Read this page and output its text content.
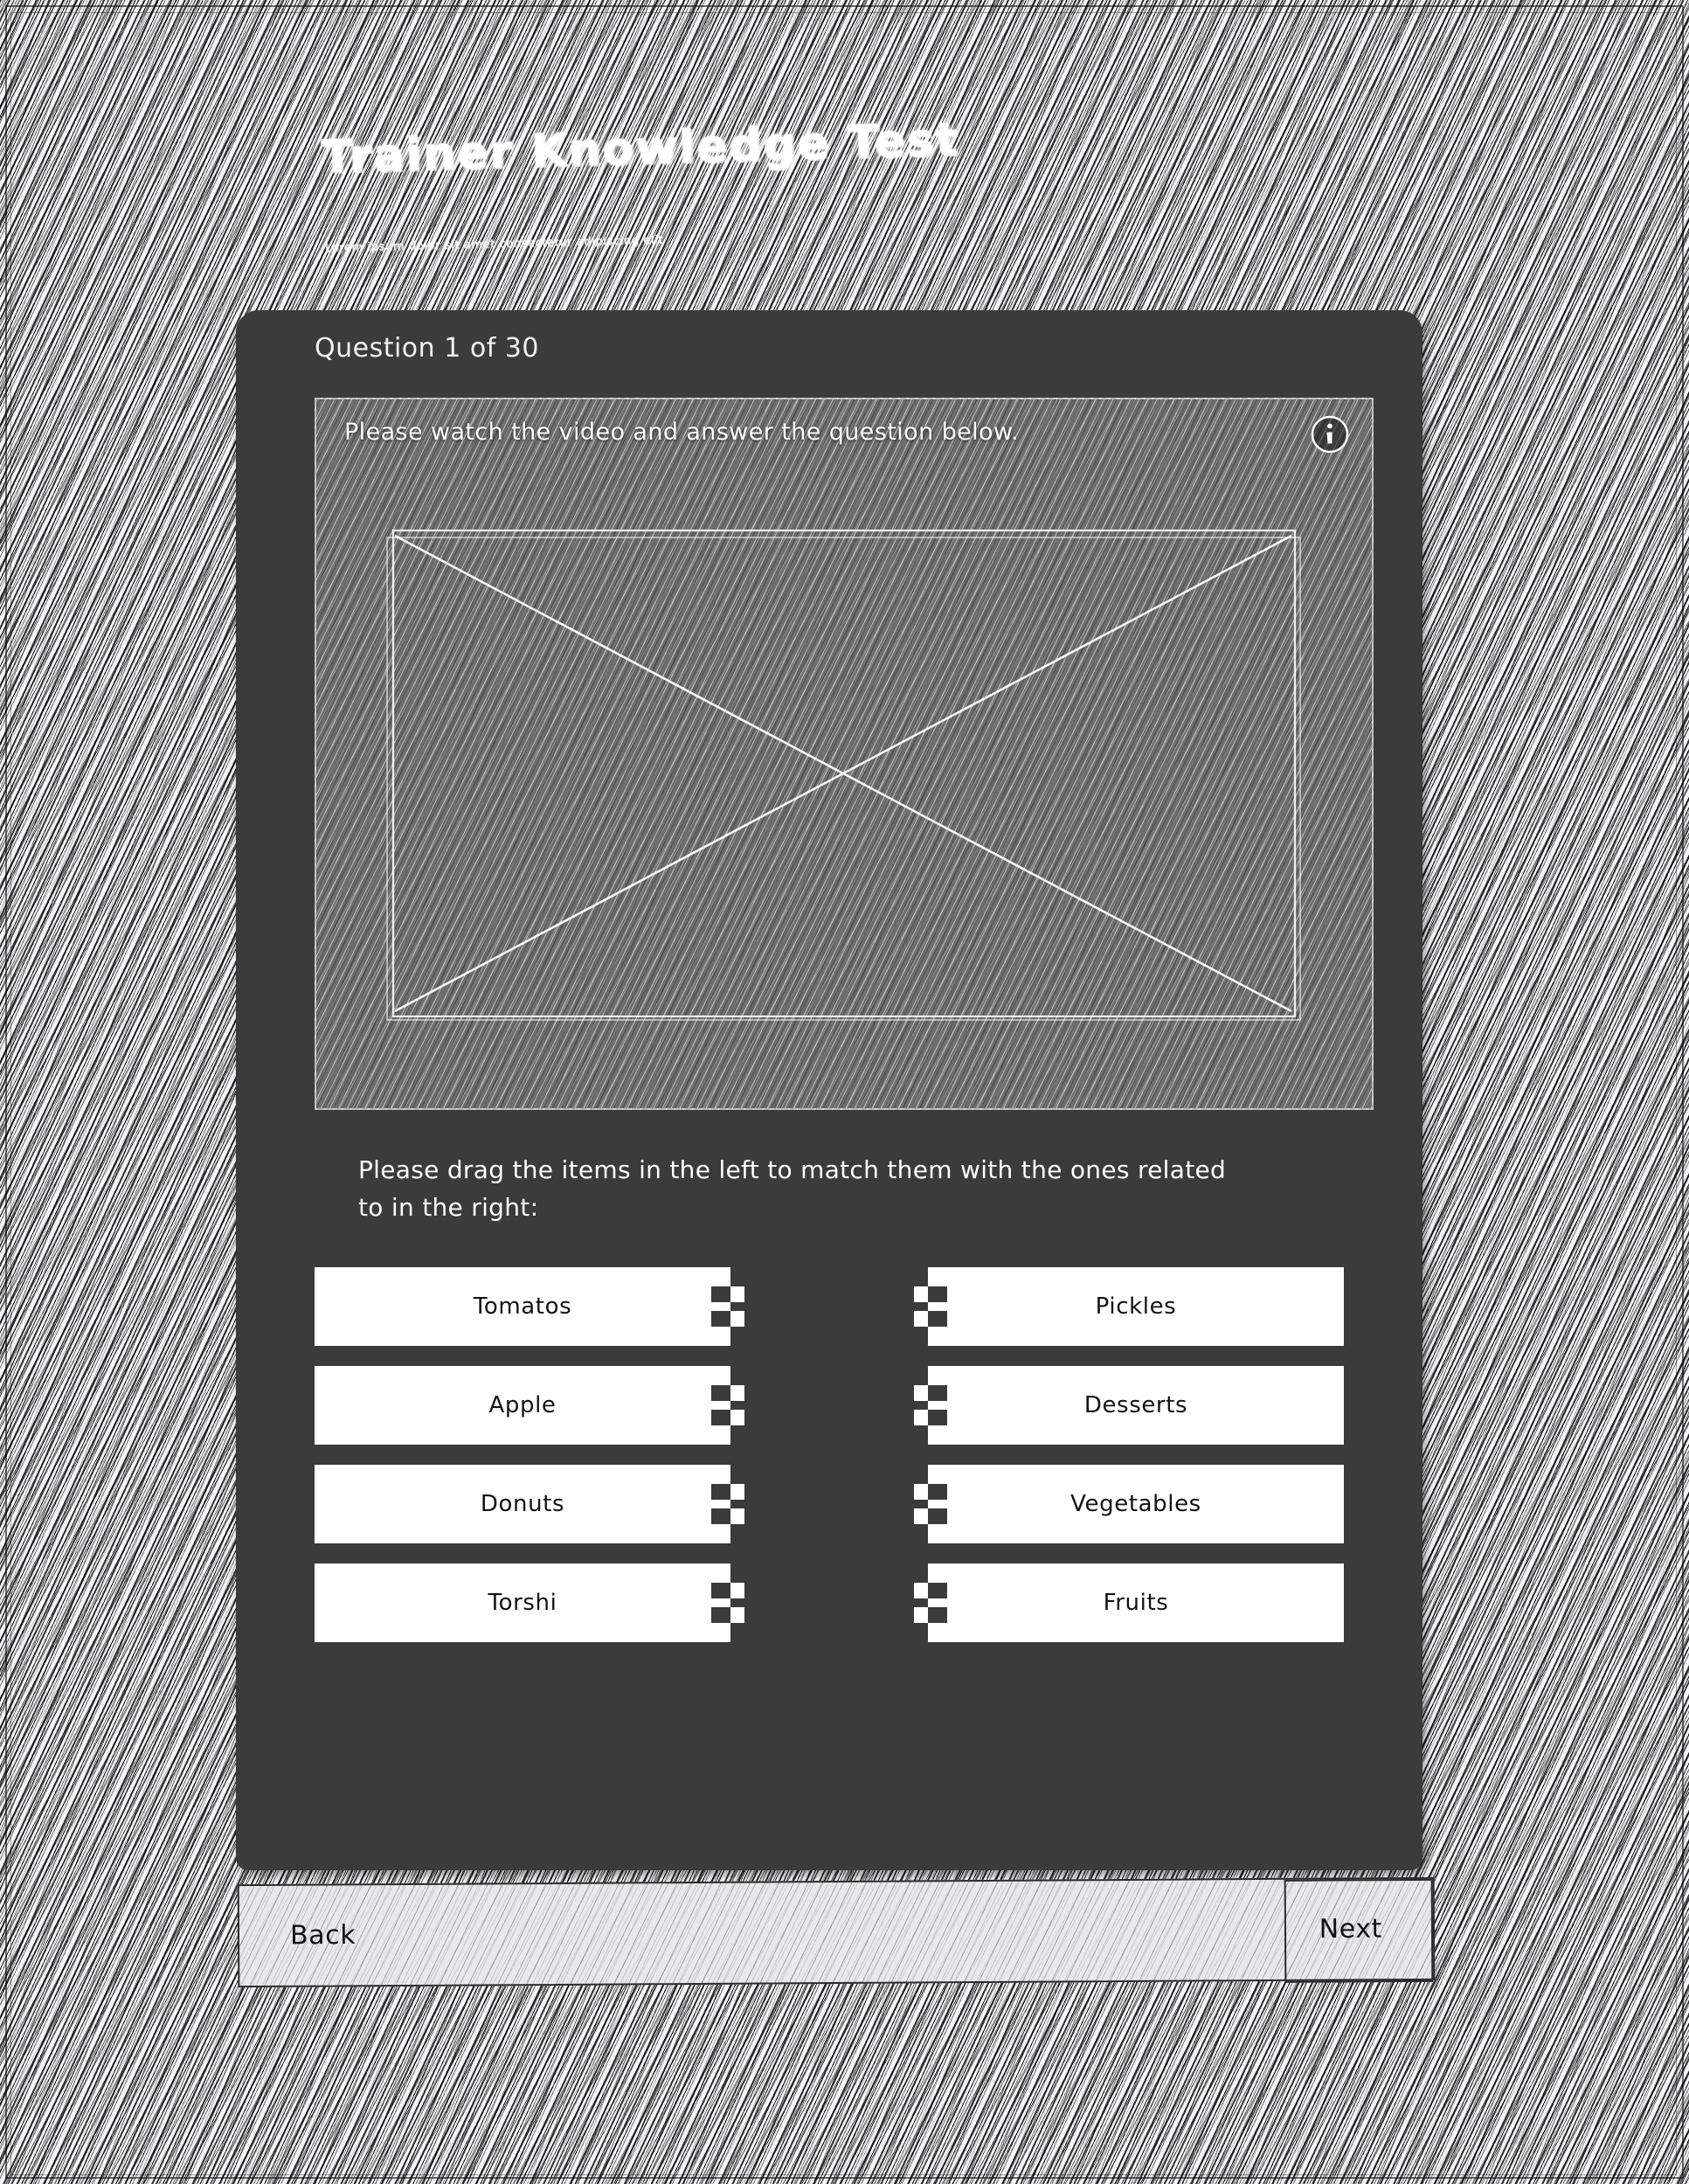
Trainer Knowledge Test
Lorem ipsum dolor sit amet consectetur adipiscing elit
Question 1 of 30
Please watch the video and answer the question below.
Please drag the items in the left to match them with the ones related to in the right:
Tomatos
Apple
Donuts
Torshi
Pickles
Desserts
Vegetables
Fruits
Back	Next
